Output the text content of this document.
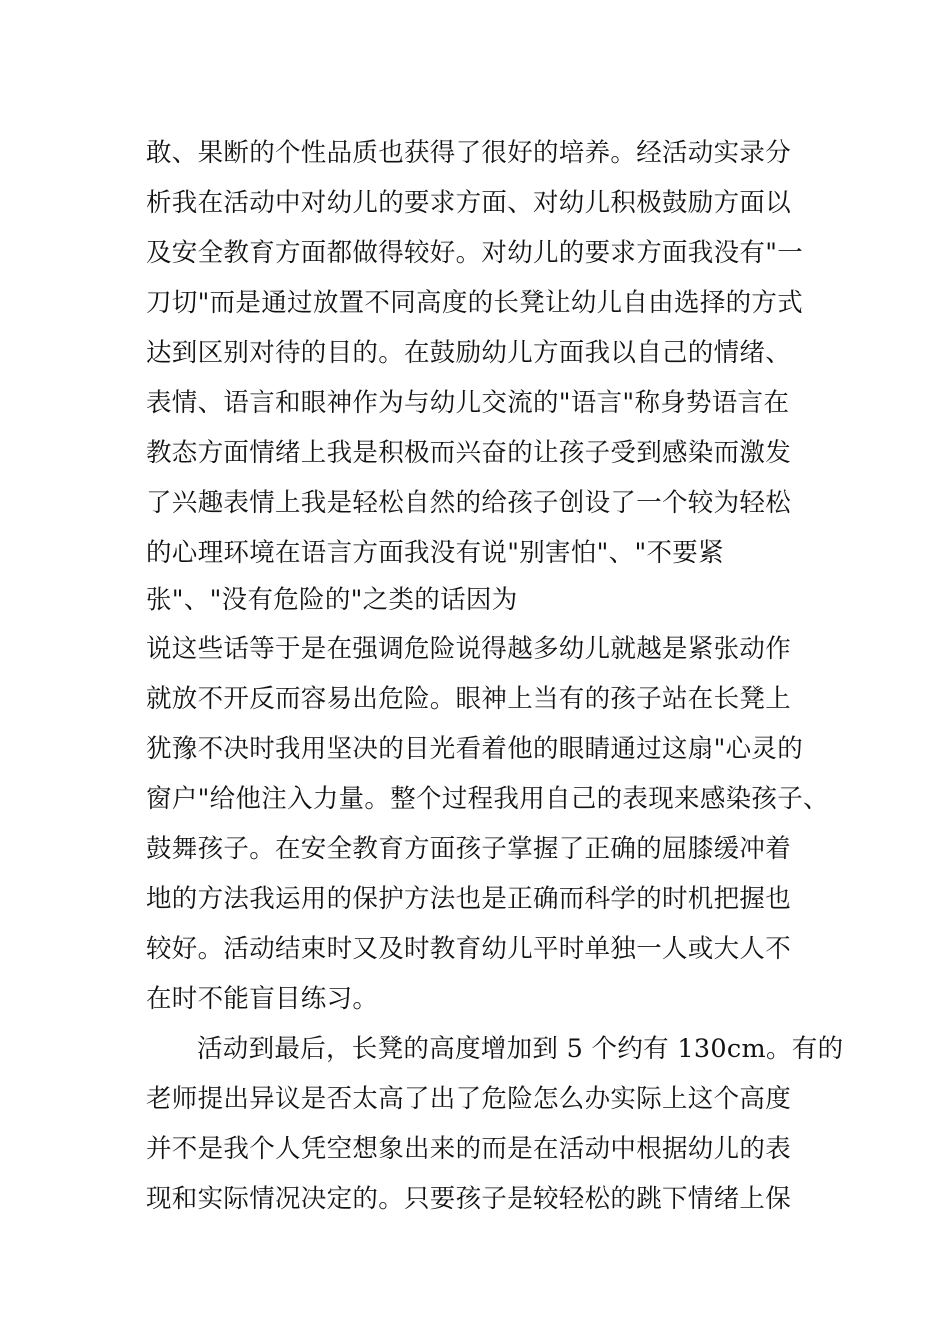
敢、果断的个性品质也获得了很好的培养。经活动实录分
析我在活动中对幼儿的要求方面、对幼儿积极鼓励方面以
及安全教育方面都做得较好。对幼儿的要求方面我没有"一
刀切"而是通过放置不同高度的长凳让幼儿自由选择的方式
达到区别对待的目的。在鼓励幼儿方面我以自己的情绪、
表情、语言和眼神作为与幼儿交流的"语言"称身势语言在
教态方面情绪上我是积极而兴奋的让孩子受到感染而激发
了兴趣表情上我是轻松自然的给孩子创设了一个较为轻松
的心理环境在语言方面我没有说"别害怕"、"不要紧
张"、"没有危险的"之类的话因为
说这些话等于是在强调危险说得越多幼儿就越是紧张动作
就放不开反而容易出危险。眼神上当有的孩子站在长凳上
犹豫不决时我用坚决的目光看着他的眼睛通过这扇"心灵的
窗户"给他注入力量。整个过程我用自己的表现来感染孩子、
鼓舞孩子。在安全教育方面孩子掌握了正确的屈膝缓冲着
地的方法我运用的保护方法也是正确而科学的时机把握也
较好。活动结束时又及时教育幼儿平时单独一人或大人不
在时不能盲目练习。
活动到最后，长凳的高度增加到 5 个约有 130cm。有的
老师提出异议是否太高了出了危险怎么办实际上这个高度
并不是我个人凭空想象出来的而是在活动中根据幼儿的表
现和实际情况决定的。只要孩子是较轻松的跳下情绪上保
